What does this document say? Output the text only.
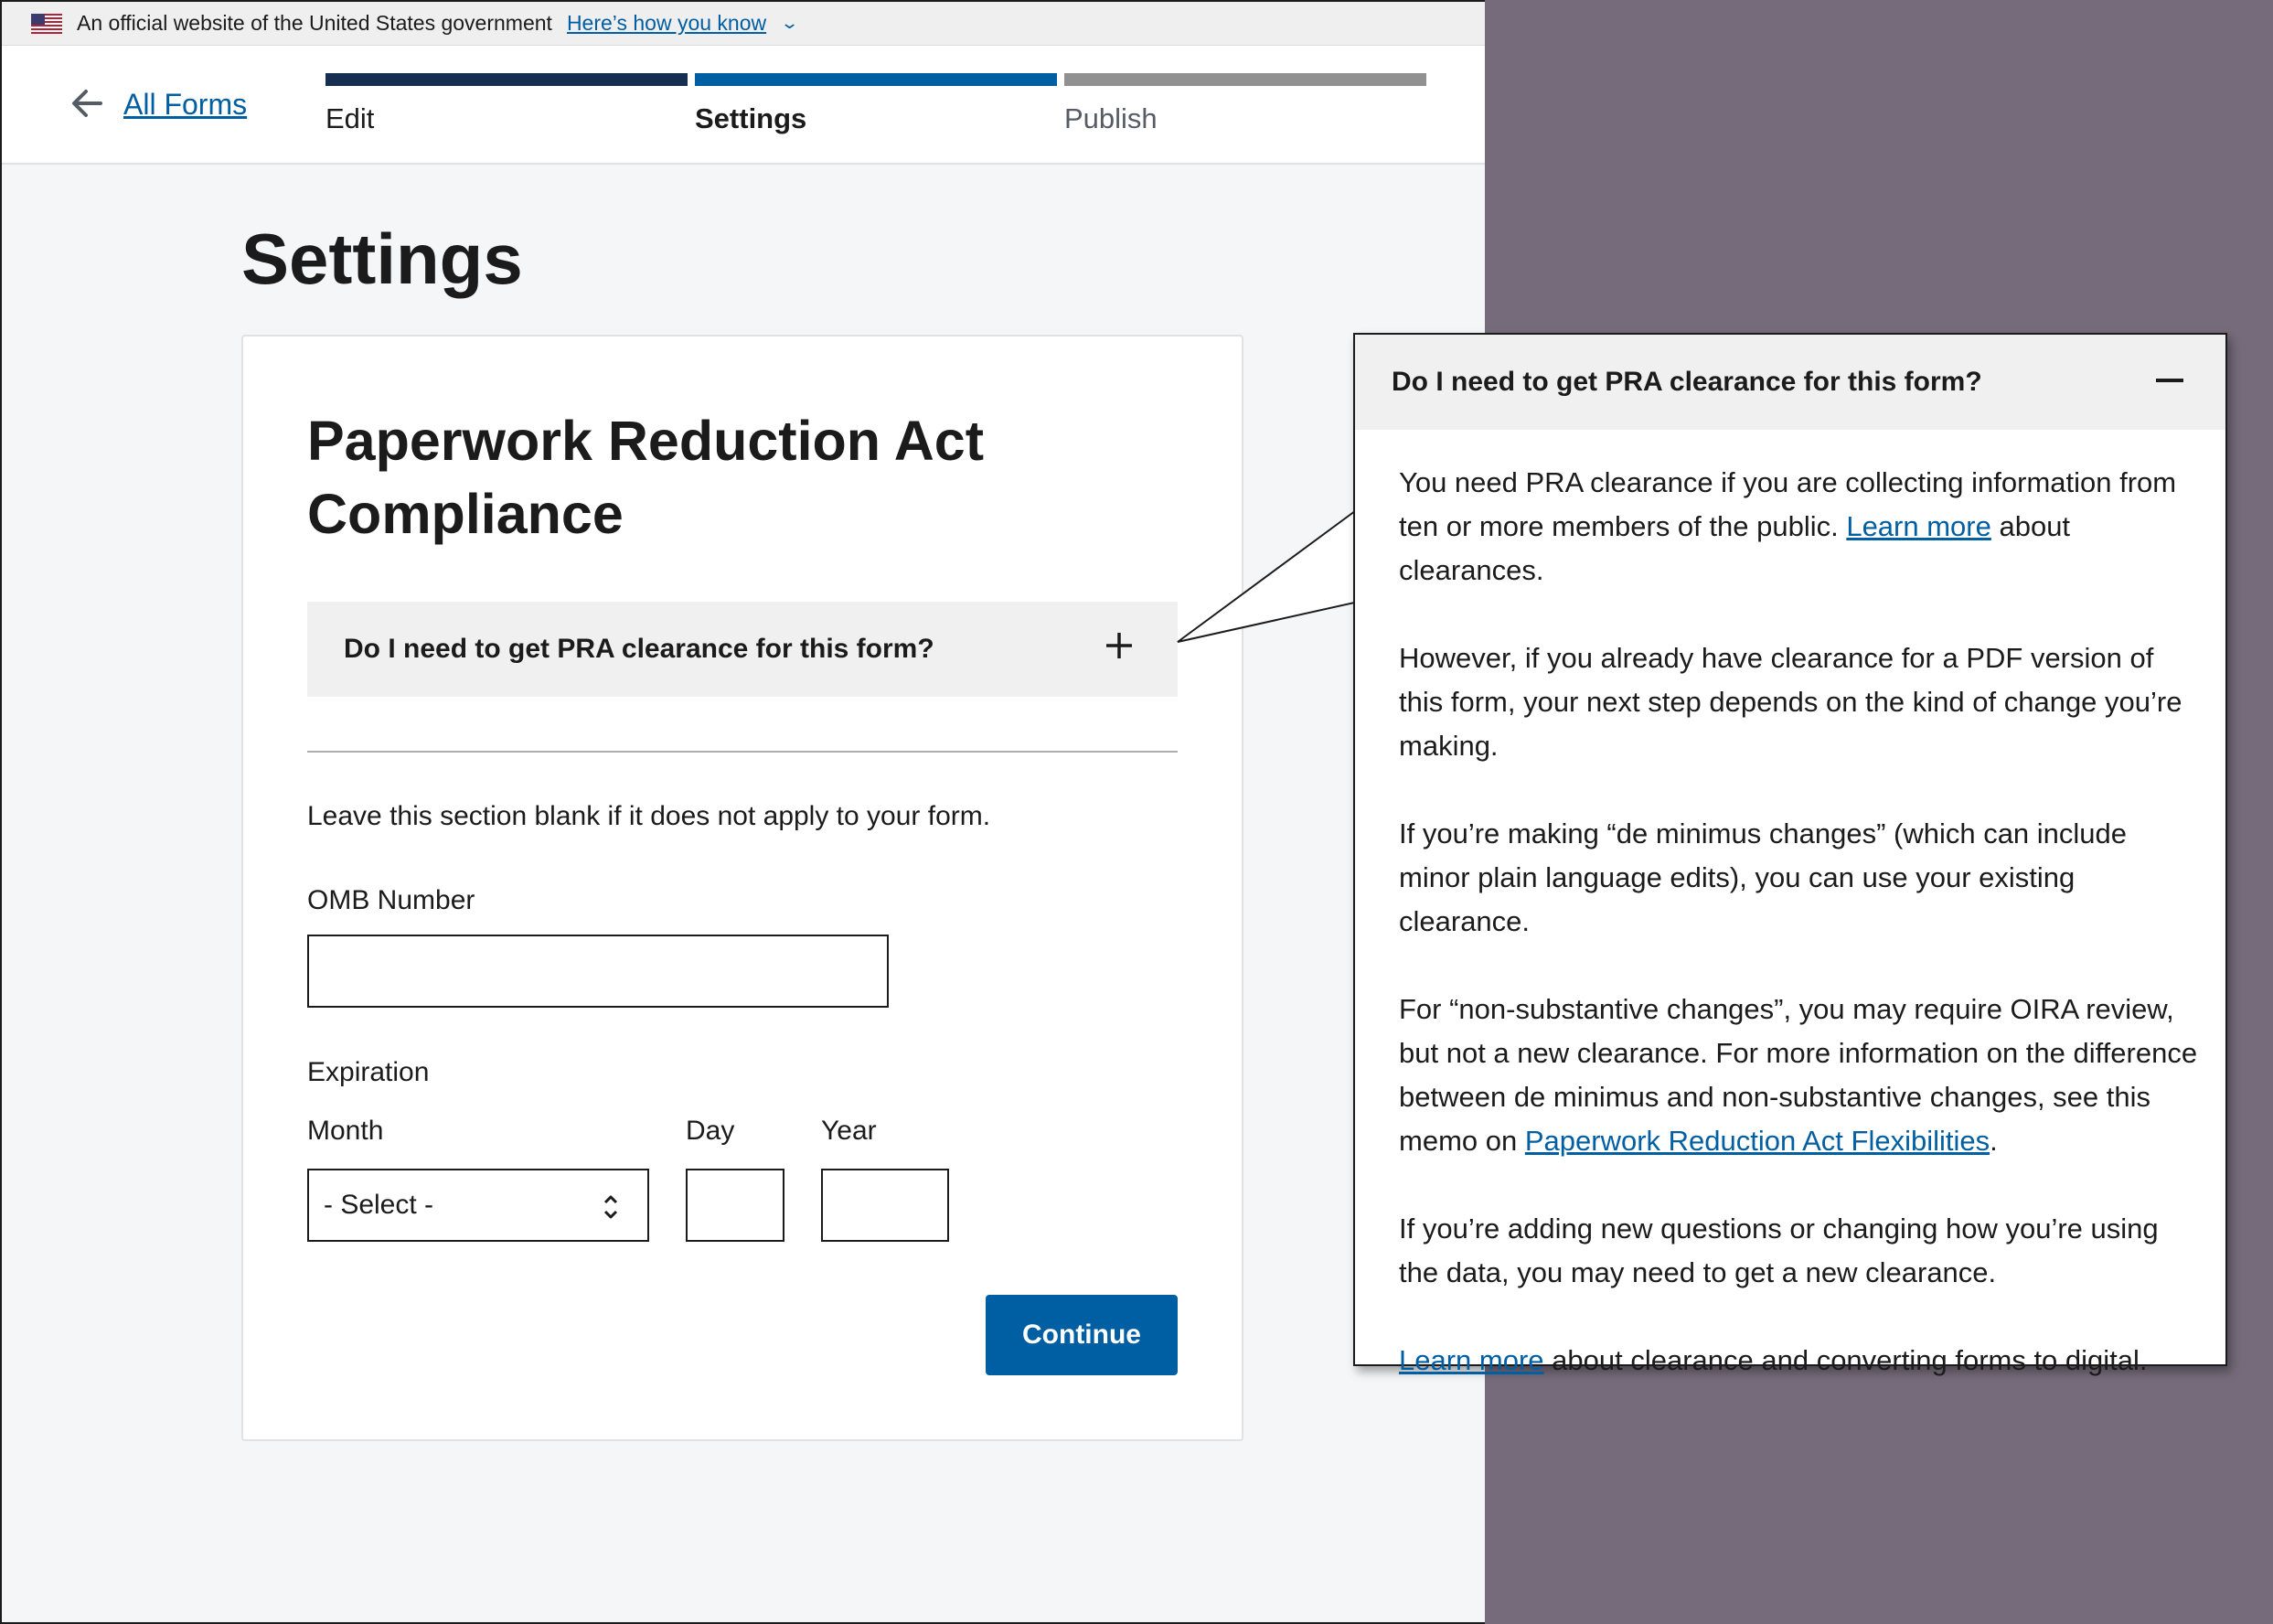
An official website of the United States government Here’s how you know ⌄
All Forms	Edit	Settings	Publish
Settings
Paperwork Reduction Act Compliance
Do I need to get PRA clearance for this form?

Leave this section blank if it does not apply to your form.

OMB Number
Expiration
Month	Day	Year
- Select -
Continue
Do I need to get PRA clearance for this form?

You need PRA clearance if you are collecting information from ten or more members of the public. Learn more about clearances.

However, if you already have clearance for a PDF version of this form, your next step depends on the kind of change you’re making.

If you’re making “de minimus changes” (which can include minor plain language edits), you can use your existing clearance.

For “non-substantive changes”, you may require OIRA review, but not a new clearance. For more information on the difference between de minimus and non-substantive changes, see this memo on Paperwork Reduction Act Flexibilities.

If you’re adding new questions or changing how you’re using the data, you may need to get a new clearance.

Learn more about clearance and converting forms to digital.
